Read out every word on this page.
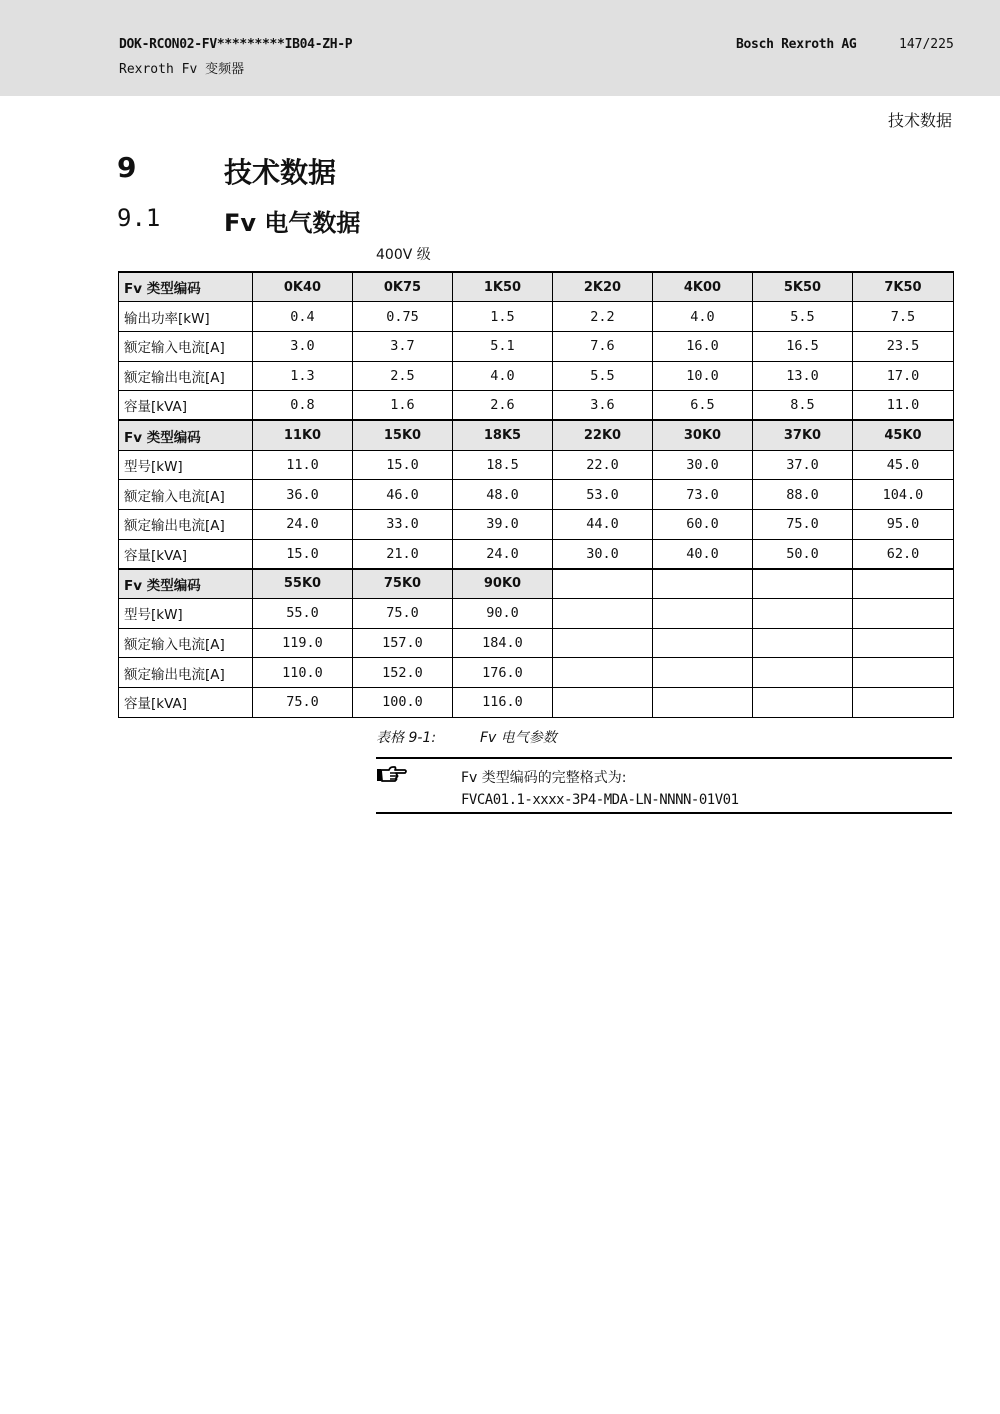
DOK-RCON02-FV*********IB04-ZH-P
Rexroth Fv 变频器
Bosch Rexroth AG	147/225
技术数据
9	技术数据
9.1	Fv 电气数据
400V 级
Fv 类型编码	0K40	0K75	1K50	2K20	4K00	5K50	7K50
输出功率[kW]	0.4	0.75	1.5	2.2	4.0	5.5	7.5
额定输入电流[A]	3.0	3.7	5.1	7.6	16.0	16.5	23.5
额定输出电流[A]	1.3	2.5	4.0	5.5	10.0	13.0	17.0
容量[kVA]	0.8	1.6	2.6	3.6	6.5	8.5	11.0
Fv 类型编码	11K0	15K0	18K5	22K0	30K0	37K0	45K0
型号[kW]	11.0	15.0	18.5	22.0	30.0	37.0	45.0
额定输入电流[A]	36.0	46.0	48.0	53.0	73.0	88.0	104.0
额定输出电流[A]	24.0	33.0	39.0	44.0	60.0	75.0	95.0
容量[kVA]	15.0	21.0	24.0	30.0	40.0	50.0	62.0
Fv 类型编码	55K0	75K0	90K0				
型号[kW]	55.0	75.0	90.0				
额定输入电流[A]	119.0	157.0	184.0				
额定输出电流[A]	110.0	152.0	176.0				
容量[kVA]	75.0	100.0	116.0				
表格 9-1:	Fv 电气参数
Fv 类型编码的完整格式为:
FVCA01.1-xxxx-3P4-MDA-LN-NNNN-01V01
